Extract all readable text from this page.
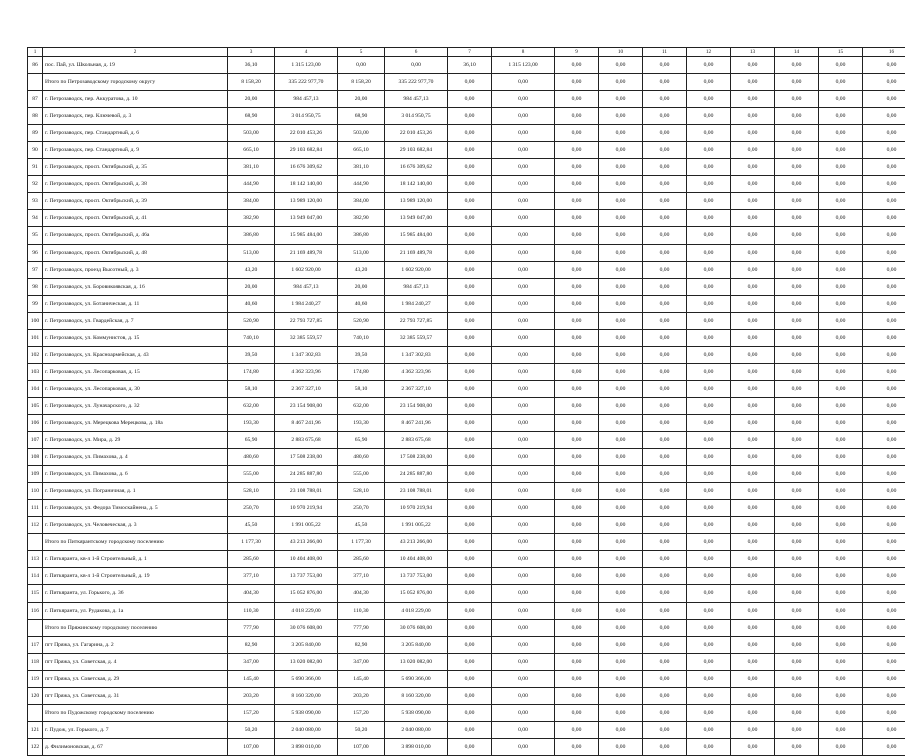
1	2	3	4	5	6	7	8	9	10	11	12	13	14	15	16
86	пос. Пай, ул. Школьная, д. 19	36,10	1 315 123,00	0,00	0,00	36,10	1 315 123,00	0,00	0,00	0,00	0,00	0,00	0,00	0,00	0,00
	Итого по Петрозаводскому городскому округу	8 158,20	335 222 977,70	8 158,20	335 222 977,70	0,00	0,00	0,00	0,00	0,00	0,00	0,00	0,00	0,00	0,00
87	г. Петрозаводск, пер. Аккуратова, д. 10	20,00	984 457,13	20,00	984 457,13	0,00	0,00	0,00	0,00	0,00	0,00	0,00	0,00	0,00	0,00
88	г. Петрозаводск, пер. Ключевой, д. 3	68,90	3 014 950,75	68,90	3 014 950,75	0,00	0,00	0,00	0,00	0,00	0,00	0,00	0,00	0,00	0,00
89	г. Петрозаводск, пер. Стандартный, д. 6	503,00	22 010 453,26	503,00	22 010 453,26	0,00	0,00	0,00	0,00	0,00	0,00	0,00	0,00	0,00	0,00
90	г. Петрозаводск, пер. Стандартный, д. 9	665,10	29 103 682,84	665,10	29 103 682,84	0,00	0,00	0,00	0,00	0,00	0,00	0,00	0,00	0,00	0,00
91	г. Петрозаводск, просп. Октябрьский, д. 35	381,10	16 676 309,62	381,10	16 676 309,62	0,00	0,00	0,00	0,00	0,00	0,00	0,00	0,00	0,00	0,00
92	г. Петрозаводск, просп. Октябрьский, д. 38	444,90	18 142 140,00	444,90	18 142 140,00	0,00	0,00	0,00	0,00	0,00	0,00	0,00	0,00	0,00	0,00
93	г. Петрозаводск, просп. Октябрьский, д. 39	384,00	13 989 120,00	384,00	13 989 120,00	0,00	0,00	0,00	0,00	0,00	0,00	0,00	0,00	0,00	0,00
94	г. Петрозаводск, просп. Октябрьский, д. 41	382,90	13 949 047,00	382,90	13 949 047,00	0,00	0,00	0,00	0,00	0,00	0,00	0,00	0,00	0,00	0,00
95	г. Петрозаводск, просп. Октябрьский, д. 46а	386,80	15 985 484,00	386,80	15 985 484,00	0,00	0,00	0,00	0,00	0,00	0,00	0,00	0,00	0,00	0,00
96	г. Петрозаводск, просп. Октябрьский, д. 48	513,00	21 169 489,78	513,00	21 169 489,78	0,00	0,00	0,00	0,00	0,00	0,00	0,00	0,00	0,00	0,00
97	г. Петрозаводск, проезд Высотный, д. 3	43,20	1 602 920,00	43,20	1 602 920,00	0,00	0,00	0,00	0,00	0,00	0,00	0,00	0,00	0,00	0,00
98	г. Петрозаводск, ул. Боровикоявская, д. 16	20,00	984 457,13	20,00	984 457,13	0,00	0,00	0,00	0,00	0,00	0,00	0,00	0,00	0,00	0,00
99	г. Петрозаводск, ул. Ботаническая, д. 11	40,60	1 984 240,27	40,60	1 984 240,27	0,00	0,00	0,00	0,00	0,00	0,00	0,00	0,00	0,00	0,00
100	г. Петрозаводск, ул. Гвардейская, д. 7	520,90	22 793 727,85	520,90	22 793 727,85	0,00	0,00	0,00	0,00	0,00	0,00	0,00	0,00	0,00	0,00
101	г. Петрозаводск, ул. Коммунистов, д. 15	740,10	32 385 559,57	740,10	32 385 559,57	0,00	0,00	0,00	0,00	0,00	0,00	0,00	0,00	0,00	0,00
102	г. Петрозаводск, ул. Красноармейская, д. 43	39,50	1 347 302,83	39,50	1 347 302,83	0,00	0,00	0,00	0,00	0,00	0,00	0,00	0,00	0,00	0,00
103	г. Петрозаводск, ул. Лесопарковая, д. 15	174,80	4 362 323,96	174,80	4 362 323,96	0,00	0,00	0,00	0,00	0,00	0,00	0,00	0,00	0,00	0,00
104	г. Петрозаводск, ул. Лесопарковая, д. 30	58,10	2 367 327,10	58,10	2 367 327,10	0,00	0,00	0,00	0,00	0,00	0,00	0,00	0,00	0,00	0,00
105	г. Петрозаводск, ул. Луначарского, д. 32	632,00	23 154 908,00	632,00	23 154 908,00	0,00	0,00	0,00	0,00	0,00	0,00	0,00	0,00	0,00	0,00
106	г. Петрозаводск, ул. Мерецкова Мерецкова, д. 18а	193,30	8 467 241,96	193,30	8 467 241,96	0,00	0,00	0,00	0,00	0,00	0,00	0,00	0,00	0,00	0,00
107	г. Петрозаводск, ул. Мира, д. 29	65,90	2 883 675,68	65,90	2 883 675,68	0,00	0,00	0,00	0,00	0,00	0,00	0,00	0,00	0,00	0,00
108	г. Петрозаводск, ул. Пимахова, д. 4	480,60	17 508 238,00	480,60	17 508 238,00	0,00	0,00	0,00	0,00	0,00	0,00	0,00	0,00	0,00	0,00
109	г. Петрозаводск, ул. Пимахова, д. 6	555,00	24 285 887,80	555,00	24 285 887,80	0,00	0,00	0,00	0,00	0,00	0,00	0,00	0,00	0,00	0,00
110	г. Петрозаводск, ул. Пограничная, д. 1	528,10	23 108 788,01	528,10	23 108 788,01	0,00	0,00	0,00	0,00	0,00	0,00	0,00	0,00	0,00	0,00
111	г. Петрозаводск, ул. Федора Тимоскайнена, д. 5	250,70	10 970 219,94	250,70	10 970 219,94	0,00	0,00	0,00	0,00	0,00	0,00	0,00	0,00	0,00	0,00
112	г. Петрозаводск, ул. Человеческая, д. 3	45,50	1 991 005,22	45,50	1 991 005,22	0,00	0,00	0,00	0,00	0,00	0,00	0,00	0,00	0,00	0,00
	Итого по Питкярантскому городскому поселению	1 177,30	43 213 266,00	1 177,30	43 213 266,00	0,00	0,00	0,00	0,00	0,00	0,00	0,00	0,00	0,00	0,00
113	г. Питкяранта, кв-л 1-й Строительный, д. 1	285,60	10 404 408,00	285,60	10 404 408,00	0,00	0,00	0,00	0,00	0,00	0,00	0,00	0,00	0,00	0,00
114	г. Питкяранта, кв-л 1-й Строительный, д. 19	377,10	13 737 753,00	377,10	13 737 753,00	0,00	0,00	0,00	0,00	0,00	0,00	0,00	0,00	0,00	0,00
115	г. Питкяранта, ул. Горького, д. 36	404,30	15 052 876,00	404,30	15 052 876,00	0,00	0,00	0,00	0,00	0,00	0,00	0,00	0,00	0,00	0,00
116	г. Питкяранта, ул. Рудакова, д. 1а	110,30	4 018 229,00	110,30	4 018 229,00	0,00	0,00	0,00	0,00	0,00	0,00	0,00	0,00	0,00	0,00
	Итого по Пряжинскому городскому поселению	777,90	30 076 608,00	777,90	30 076 608,00	0,00	0,00	0,00	0,00	0,00	0,00	0,00	0,00	0,00	0,00
117	пгт Пряжа, ул. Гагарина, д. 2	82,90	3 205 840,00	82,90	3 205 840,00	0,00	0,00	0,00	0,00	0,00	0,00	0,00	0,00	0,00	0,00
118	пгт Пряжа, ул. Советская, д. 4	347,00	13 020 082,00	347,00	13 020 082,00	0,00	0,00	0,00	0,00	0,00	0,00	0,00	0,00	0,00	0,00
119	пгт Пряжа, ул. Советская, д. 29	145,40	5 690 366,00	145,40	5 690 366,00	0,00	0,00	0,00	0,00	0,00	0,00	0,00	0,00	0,00	0,00
120	пгт Пряжа, ул. Советская, д. 31	203,20	8 160 320,00	203,20	8 160 320,00	0,00	0,00	0,00	0,00	0,00	0,00	0,00	0,00	0,00	0,00
	Итого по Пудожскому городскому поселению	157,20	5 938 090,00	157,20	5 938 090,00	0,00	0,00	0,00	0,00	0,00	0,00	0,00	0,00	0,00	0,00
121	г. Пудож, ул. Горького, д. 7	50,20	2 040 080,00	50,20	2 040 080,00	0,00	0,00	0,00	0,00	0,00	0,00	0,00	0,00	0,00	0,00
122	д. Филимоновская, д. 67	107,00	3 898 010,00	107,00	3 898 010,00	0,00	0,00	0,00	0,00	0,00	0,00	0,00	0,00	0,00	0,00
